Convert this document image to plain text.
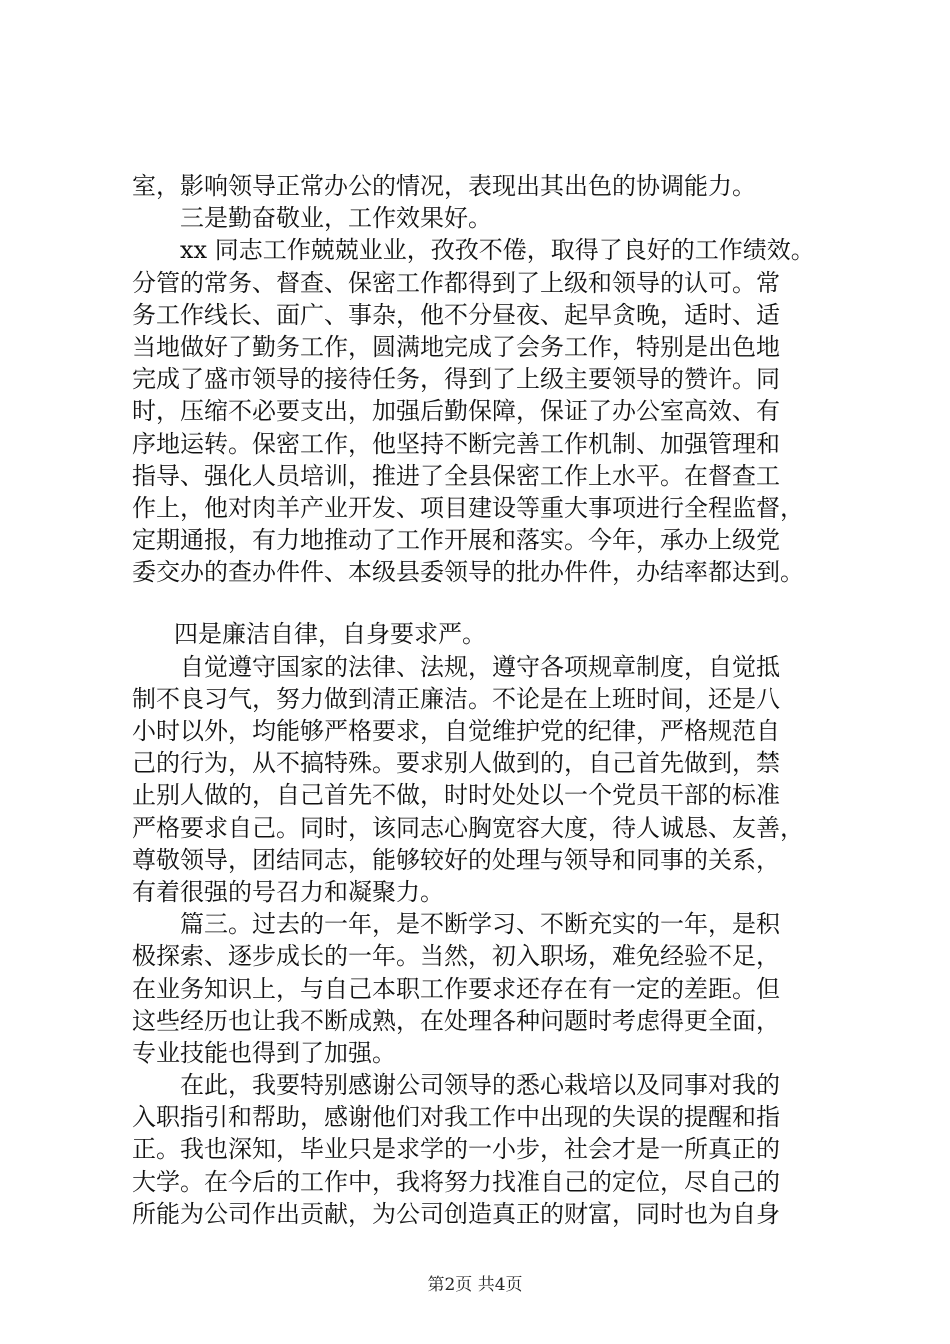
室，影响领导正常办公的情况，表现出其出色的协调能力。
三是勤奋敬业，工作效果好。
xx 同志工作兢兢业业，孜孜不倦，取得了良好的工作绩效。
分管的常务、督查、保密工作都得到了上级和领导的认可。常
务工作线长、面广、事杂，他不分昼夜、起早贪晚，适时、适
当地做好了勤务工作，圆满地完成了会务工作，特别是出色地
完成了盛市领导的接待任务，得到了上级主要领导的赞许。同
时，压缩不必要支出，加强后勤保障，保证了办公室高效、有
序地运转。保密工作，他坚持不断完善工作机制、加强管理和
指导、强化人员培训，推进了全县保密工作上水平。在督查工
作上，他对肉羊产业开发、项目建设等重大事项进行全程监督，
定期通报，有力地推动了工作开展和落实。今年，承办上级党
委交办的查办件件、本级县委领导的批办件件，办结率都达到。
四是廉洁自律，自身要求严。
自觉遵守国家的法律、法规，遵守各项规章制度，自觉抵
制不良习气，努力做到清正廉洁。不论是在上班时间，还是八
小时以外，均能够严格要求，自觉维护党的纪律，严格规范自
己的行为，从不搞特殊。要求别人做到的，自己首先做到，禁
止别人做的，自己首先不做，时时处处以一个党员干部的标准
严格要求自己。同时，该同志心胸宽容大度，待人诚恳、友善，
尊敬领导，团结同志，能够较好的处理与领导和同事的关系，
有着很强的号召力和凝聚力。
篇三。过去的一年，是不断学习、不断充实的一年，是积
极探索、逐步成长的一年。当然，初入职场，难免经验不足，
在业务知识上，与自己本职工作要求还存在有一定的差距。但
这些经历也让我不断成熟，在处理各种问题时考虑得更全面，
专业技能也得到了加强。
在此，我要特别感谢公司领导的悉心栽培以及同事对我的
入职指引和帮助，感谢他们对我工作中出现的失误的提醒和指
正。我也深知，毕业只是求学的一小步，社会才是一所真正的
大学。在今后的工作中，我将努力找准自己的定位，尽自己的
所能为公司作出贡献，为公司创造真正的财富，同时也为自身
第2页 共4页
